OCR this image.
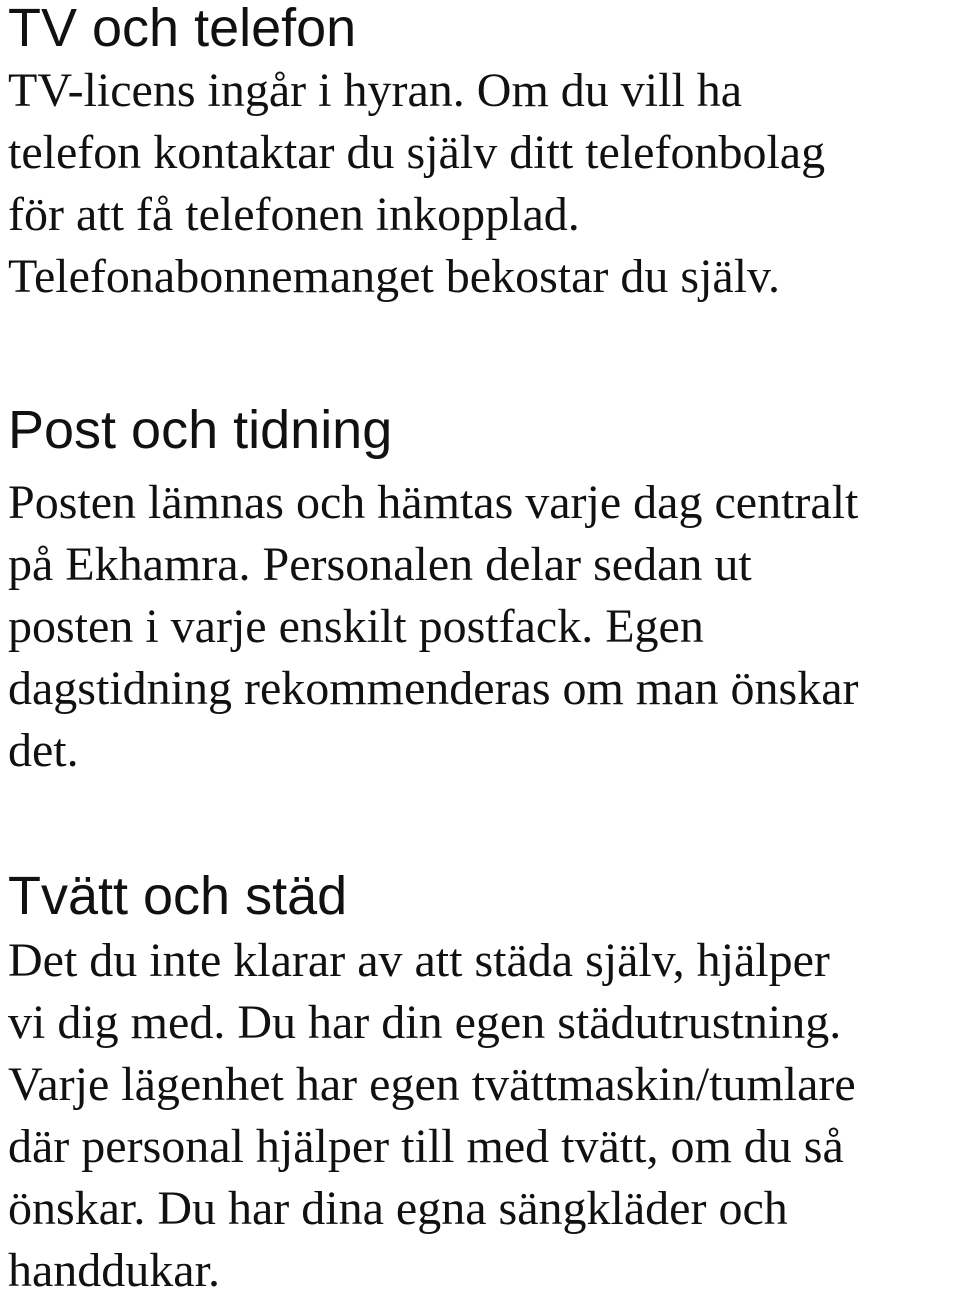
TV och telefon
TV-licens ingår i hyran. Om du vill ha
telefon kontaktar du själv ditt telefonbolag
för att få telefonen inkopplad.
Telefonabonnemanget bekostar du själv.
Post och tidning
Posten lämnas och hämtas varje dag centralt
på Ekhamra. Personalen delar sedan ut
posten i varje enskilt postfack. Egen
dagstidning rekommenderas om man önskar
det.
Tvätt och städ
Det du inte klarar av att städa själv, hjälper
vi dig med. Du har din egen städutrustning.
Varje lägenhet har egen tvättmaskin/tumlare
där personal hjälper till med tvätt, om du så
önskar. Du har dina egna sängkläder och
handdukar.
